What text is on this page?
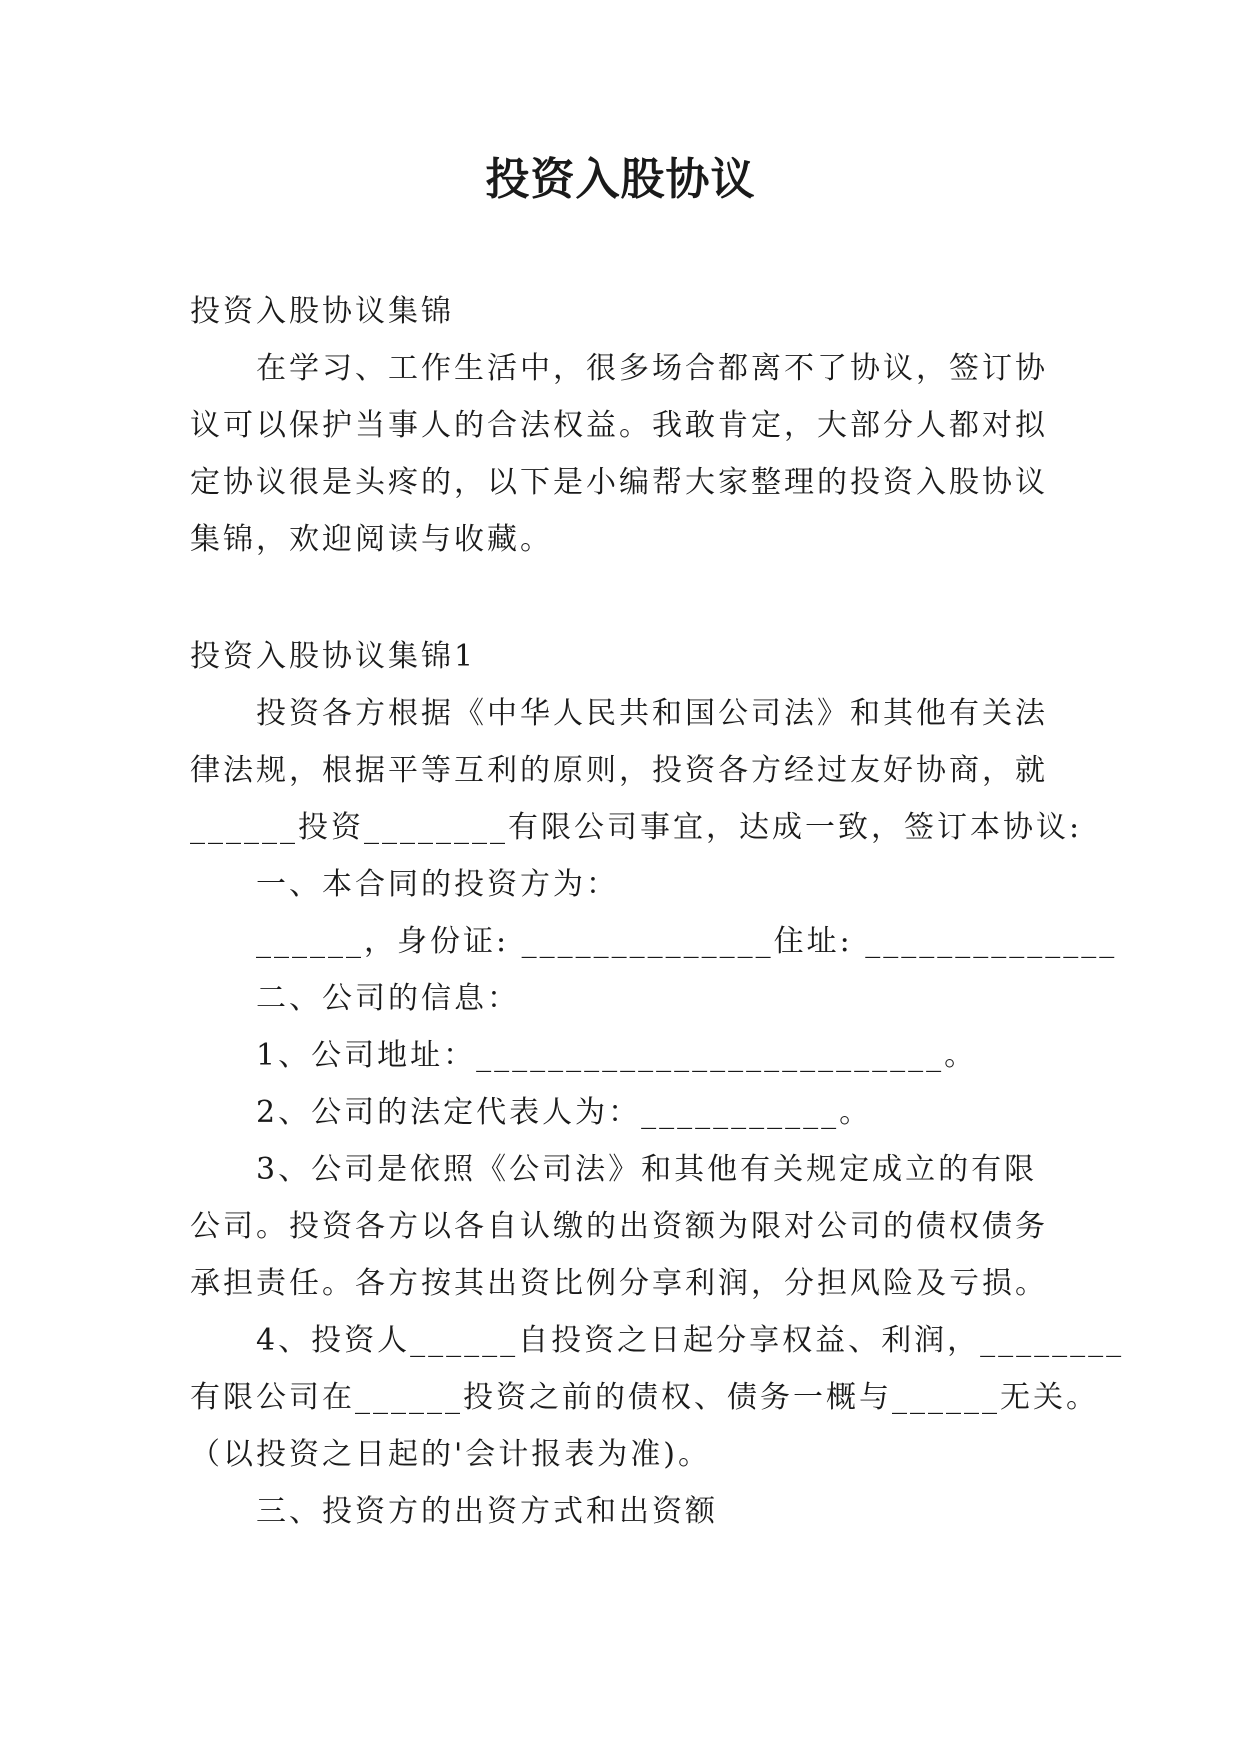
投资入股协议

投资入股协议集锦

在学习、工作生活中，很多场合都离不了协议，签订协

议可以保护当事人的合法权益。我敢肯定，大部分人都对拟

定协议很是头疼的，以下是小编帮大家整理的投资入股协议

集锦，欢迎阅读与收藏。

投资入股协议集锦1

投资各方根据《中华人民共和国公司法》和其他有关法

律法规，根据平等互利的原则，投资各方经过友好协商，就

______投资________有限公司事宜，达成一致，签订本协议:

一、本合同的投资方为：

______，身份证: ______________住址: ______________

二、公司的信息：

1、公司地址：__________________________。

2、公司的法定代表人为：___________。

3、公司是依照《公司法》和其他有关规定成立的有限

公司。投资各方以各自认缴的出资额为限对公司的债权债务

承担责任。各方按其出资比例分享利润，分担风险及亏损。

4、投资人______自投资之日起分享权益、利润，________

有限公司在______投资之前的债权、债务一概与______无关。

（以投资之日起的'会计报表为准)。

三、投资方的出资方式和出资额
